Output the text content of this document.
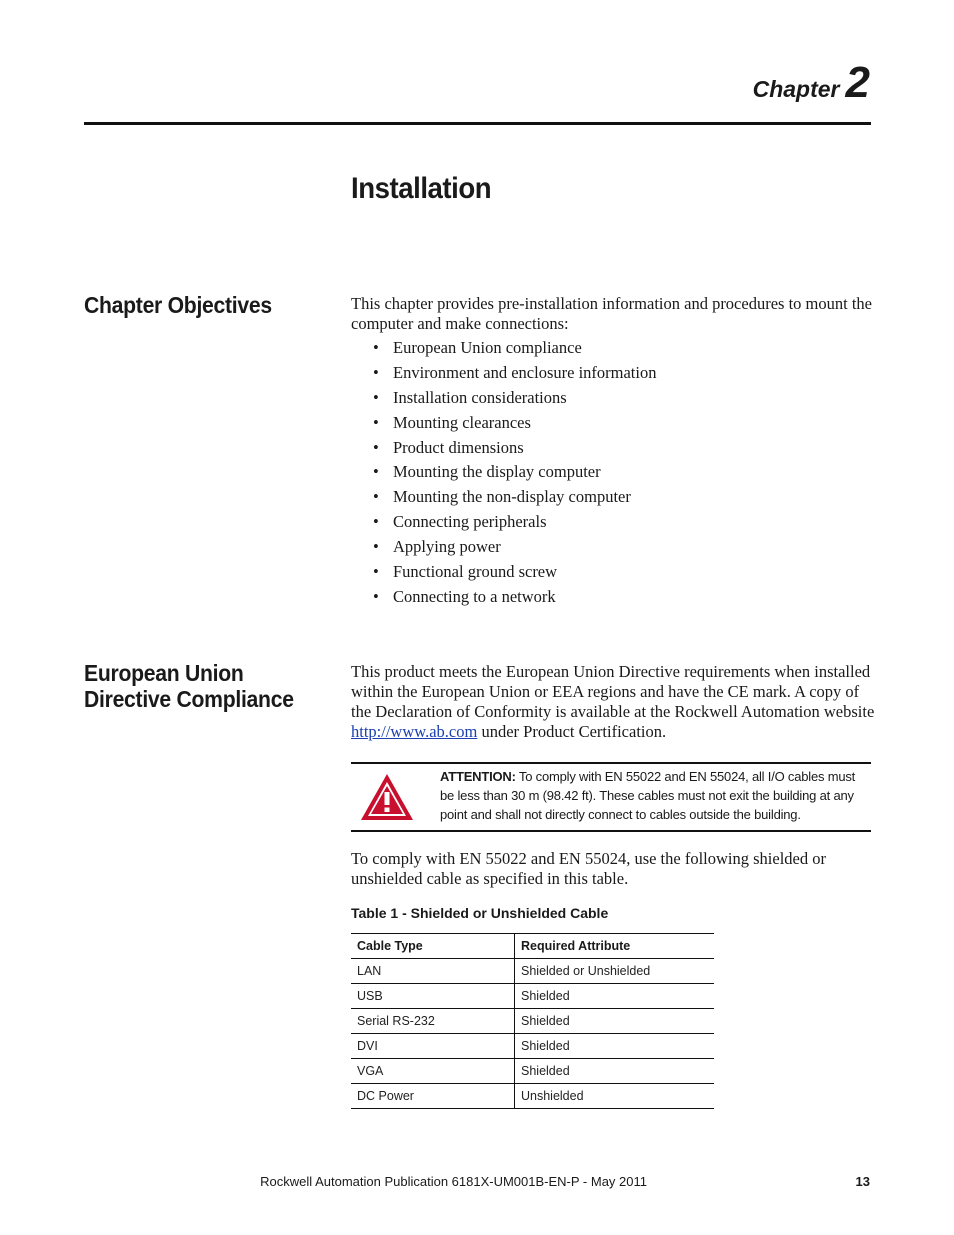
Chapter 2
Installation
Chapter Objectives	This chapter provides pre-installation information and procedures to mount the computer and make connections:

• European Union compliance
• Environment and enclosure information
• Installation considerations
• Mounting clearances
• Product dimensions
• Mounting the display computer
• Mounting the non-display computer
• Connecting peripherals
• Applying power
• Functional ground screw
• Connecting to a network
European Union Directive Compliance

This product meets the European Union Directive requirements when installed within the European Union or EEA regions and have the CE mark. A copy of the Declaration of Conformity is available at the Rockwell Automation website http://www.ab.com under Product Certification.

ATTENTION: To comply with EN 55022 and EN 55024, all I/O cables must be less than 30 m (98.42 ft). These cables must not exit the building at any point and shall not directly connect to cables outside the building.

To comply with EN 55022 and EN 55024, use the following shielded or unshielded cable as specified in this table.

Table 1 - Shielded or Unshielded Cable

Cable Type	Required Attribute
LAN	Shielded or Unshielded
USB	Shielded
Serial RS-232	Shielded
DVI	Shielded
VGA	Shielded
DC Power	Unshielded
Rockwell Automation Publication 6181X-UM001B-EN-P - May 2011	13
